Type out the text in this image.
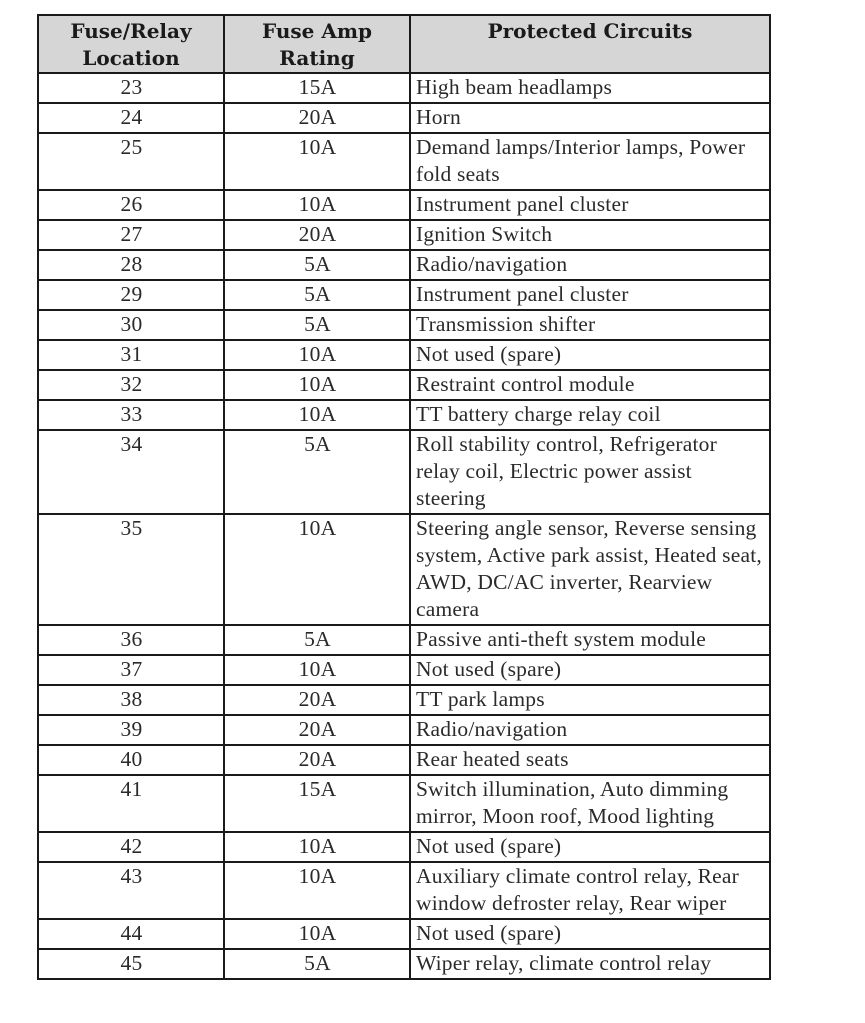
Fuse/Relay Location	Fuse Amp Rating	Protected Circuits
23	15A	High beam headlamps
24	20A	Horn
25	10A	Demand lamps/Interior lamps, Power fold seats
26	10A	Instrument panel cluster
27	20A	Ignition Switch
28	5A	Radio/navigation
29	5A	Instrument panel cluster
30	5A	Transmission shifter
31	10A	Not used (spare)
32	10A	Restraint control module
33	10A	TT battery charge relay coil
34	5A	Roll stability control, Refrigerator relay coil, Electric power assist steering
35	10A	Steering angle sensor, Reverse sensing system, Active park assist, Heated seat, AWD, DC/AC inverter, Rearview camera
36	5A	Passive anti-theft system module
37	10A	Not used (spare)
38	20A	TT park lamps
39	20A	Radio/navigation
40	20A	Rear heated seats
41	15A	Switch illumination, Auto dimming mirror, Moon roof, Mood lighting
42	10A	Not used (spare)
43	10A	Auxiliary climate control relay, Rear window defroster relay, Rear wiper
44	10A	Not used (spare)
45	5A	Wiper relay, climate control relay
